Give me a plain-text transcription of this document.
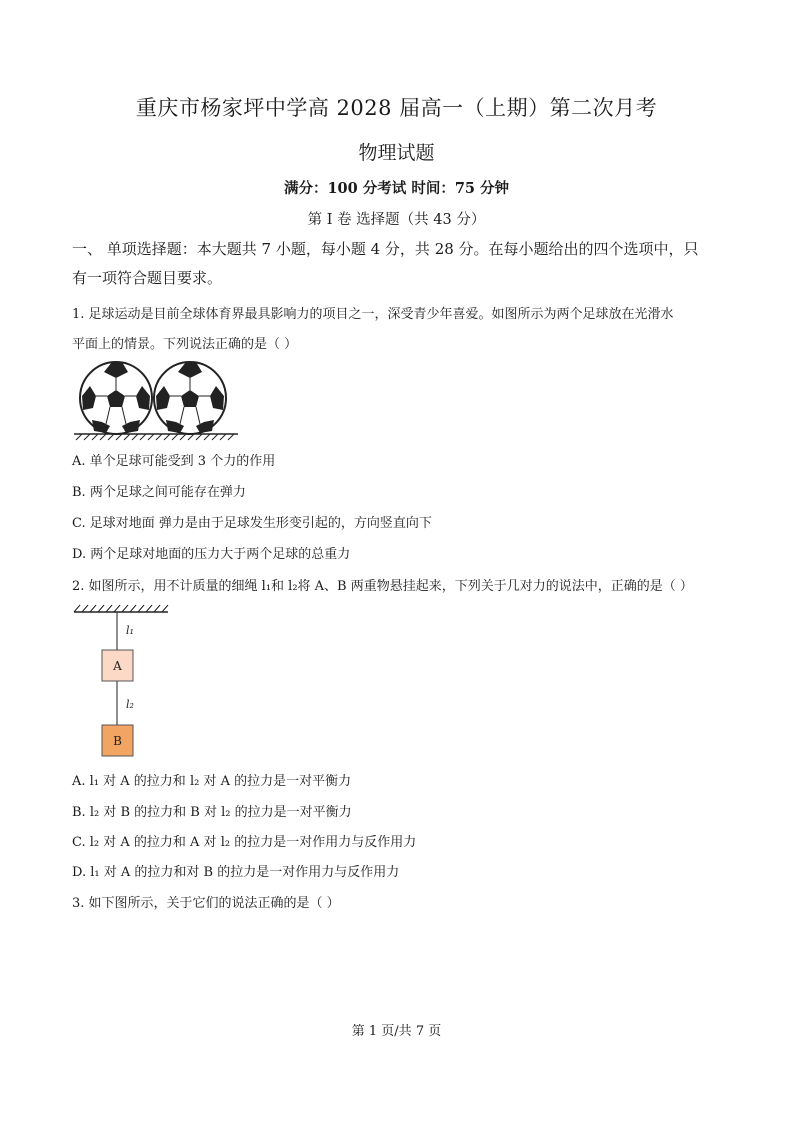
重庆市杨家坪中学高 2028 届高一（上期）第二次月考
物理试题
满分：100 分考试 时间：75 分钟
第 I 卷 选择题（共 43 分）
一、 单项选择题：本大题共 7 小题，每小题 4 分，共 28 分。在每小题给出的四个选项中，只
有一项符合题目要求。
1. 足球运动是目前全球体育界最具影响力的项目之一，深受青少年喜爱。如图所示为两个足球放在光滑水
平面上的情景。下列说法正确的是（ ）
A. 单个足球可能受到 3 个力的作用
B. 两个足球之间可能存在弹力
C. 足球对地面 弹力是由于足球发生形变引起的，方向竖直向下
D. 两个足球对地面的压力大于两个足球的总重力
2. 如图所示，用不计质量的细绳 l₁和 l₂将 A、B 两重物悬挂起来，下列关于几对力的说法中，正确的是（ ）
l₁
A
l₂
B
A. l₁ 对 A 的拉力和 l₂ 对 A 的拉力是一对平衡力
B. l₂ 对 B 的拉力和 B 对 l₂ 的拉力是一对平衡力
C. l₂ 对 A 的拉力和 A 对 l₂ 的拉力是一对作用力与反作用力
D. l₁ 对 A 的拉力和对 B 的拉力是一对作用力与反作用力
3. 如下图所示，关于它们的说法正确的是（ ）
第 1 页/共 7 页
